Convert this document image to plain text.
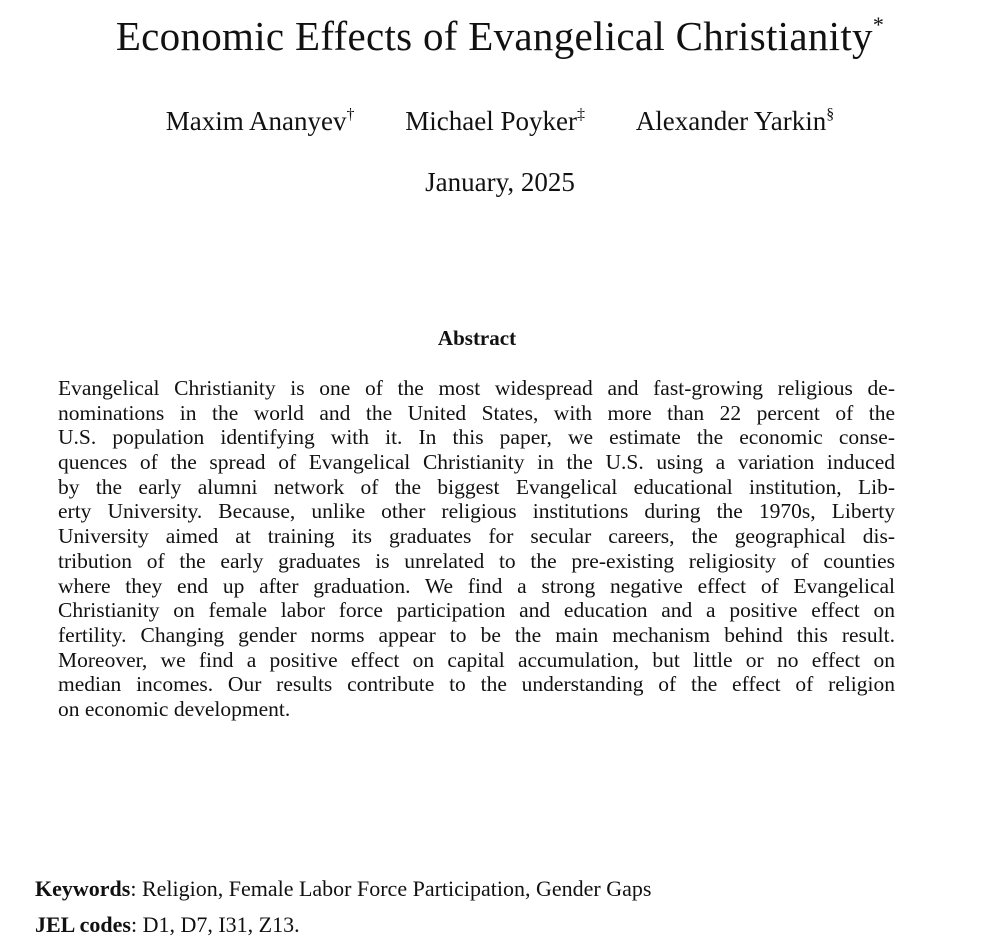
Economic Effects of Evangelical Christianity*
Maxim Ananyev† Michael Poyker‡ Alexander Yarkin§
January, 2025
Abstract
Evangelical Christianity is one of the most widespread and fast-growing religious de-
nominations in the world and the United States, with more than 22 percent of the
U.S. population identifying with it. In this paper, we estimate the economic conse-
quences of the spread of Evangelical Christianity in the U.S. using a variation induced
by the early alumni network of the biggest Evangelical educational institution, Lib-
erty University. Because, unlike other religious institutions during the 1970s, Liberty
University aimed at training its graduates for secular careers, the geographical dis-
tribution of the early graduates is unrelated to the pre-existing religiosity of counties
where they end up after graduation. We find a strong negative effect of Evangelical
Christianity on female labor force participation and education and a positive effect on
fertility. Changing gender norms appear to be the main mechanism behind this result.
Moreover, we find a positive effect on capital accumulation, but little or no effect on
median incomes. Our results contribute to the understanding of the effect of religion
on economic development.
Keywords: Religion, Female Labor Force Participation, Gender Gaps
JEL codes: D1, D7, I31, Z13.
